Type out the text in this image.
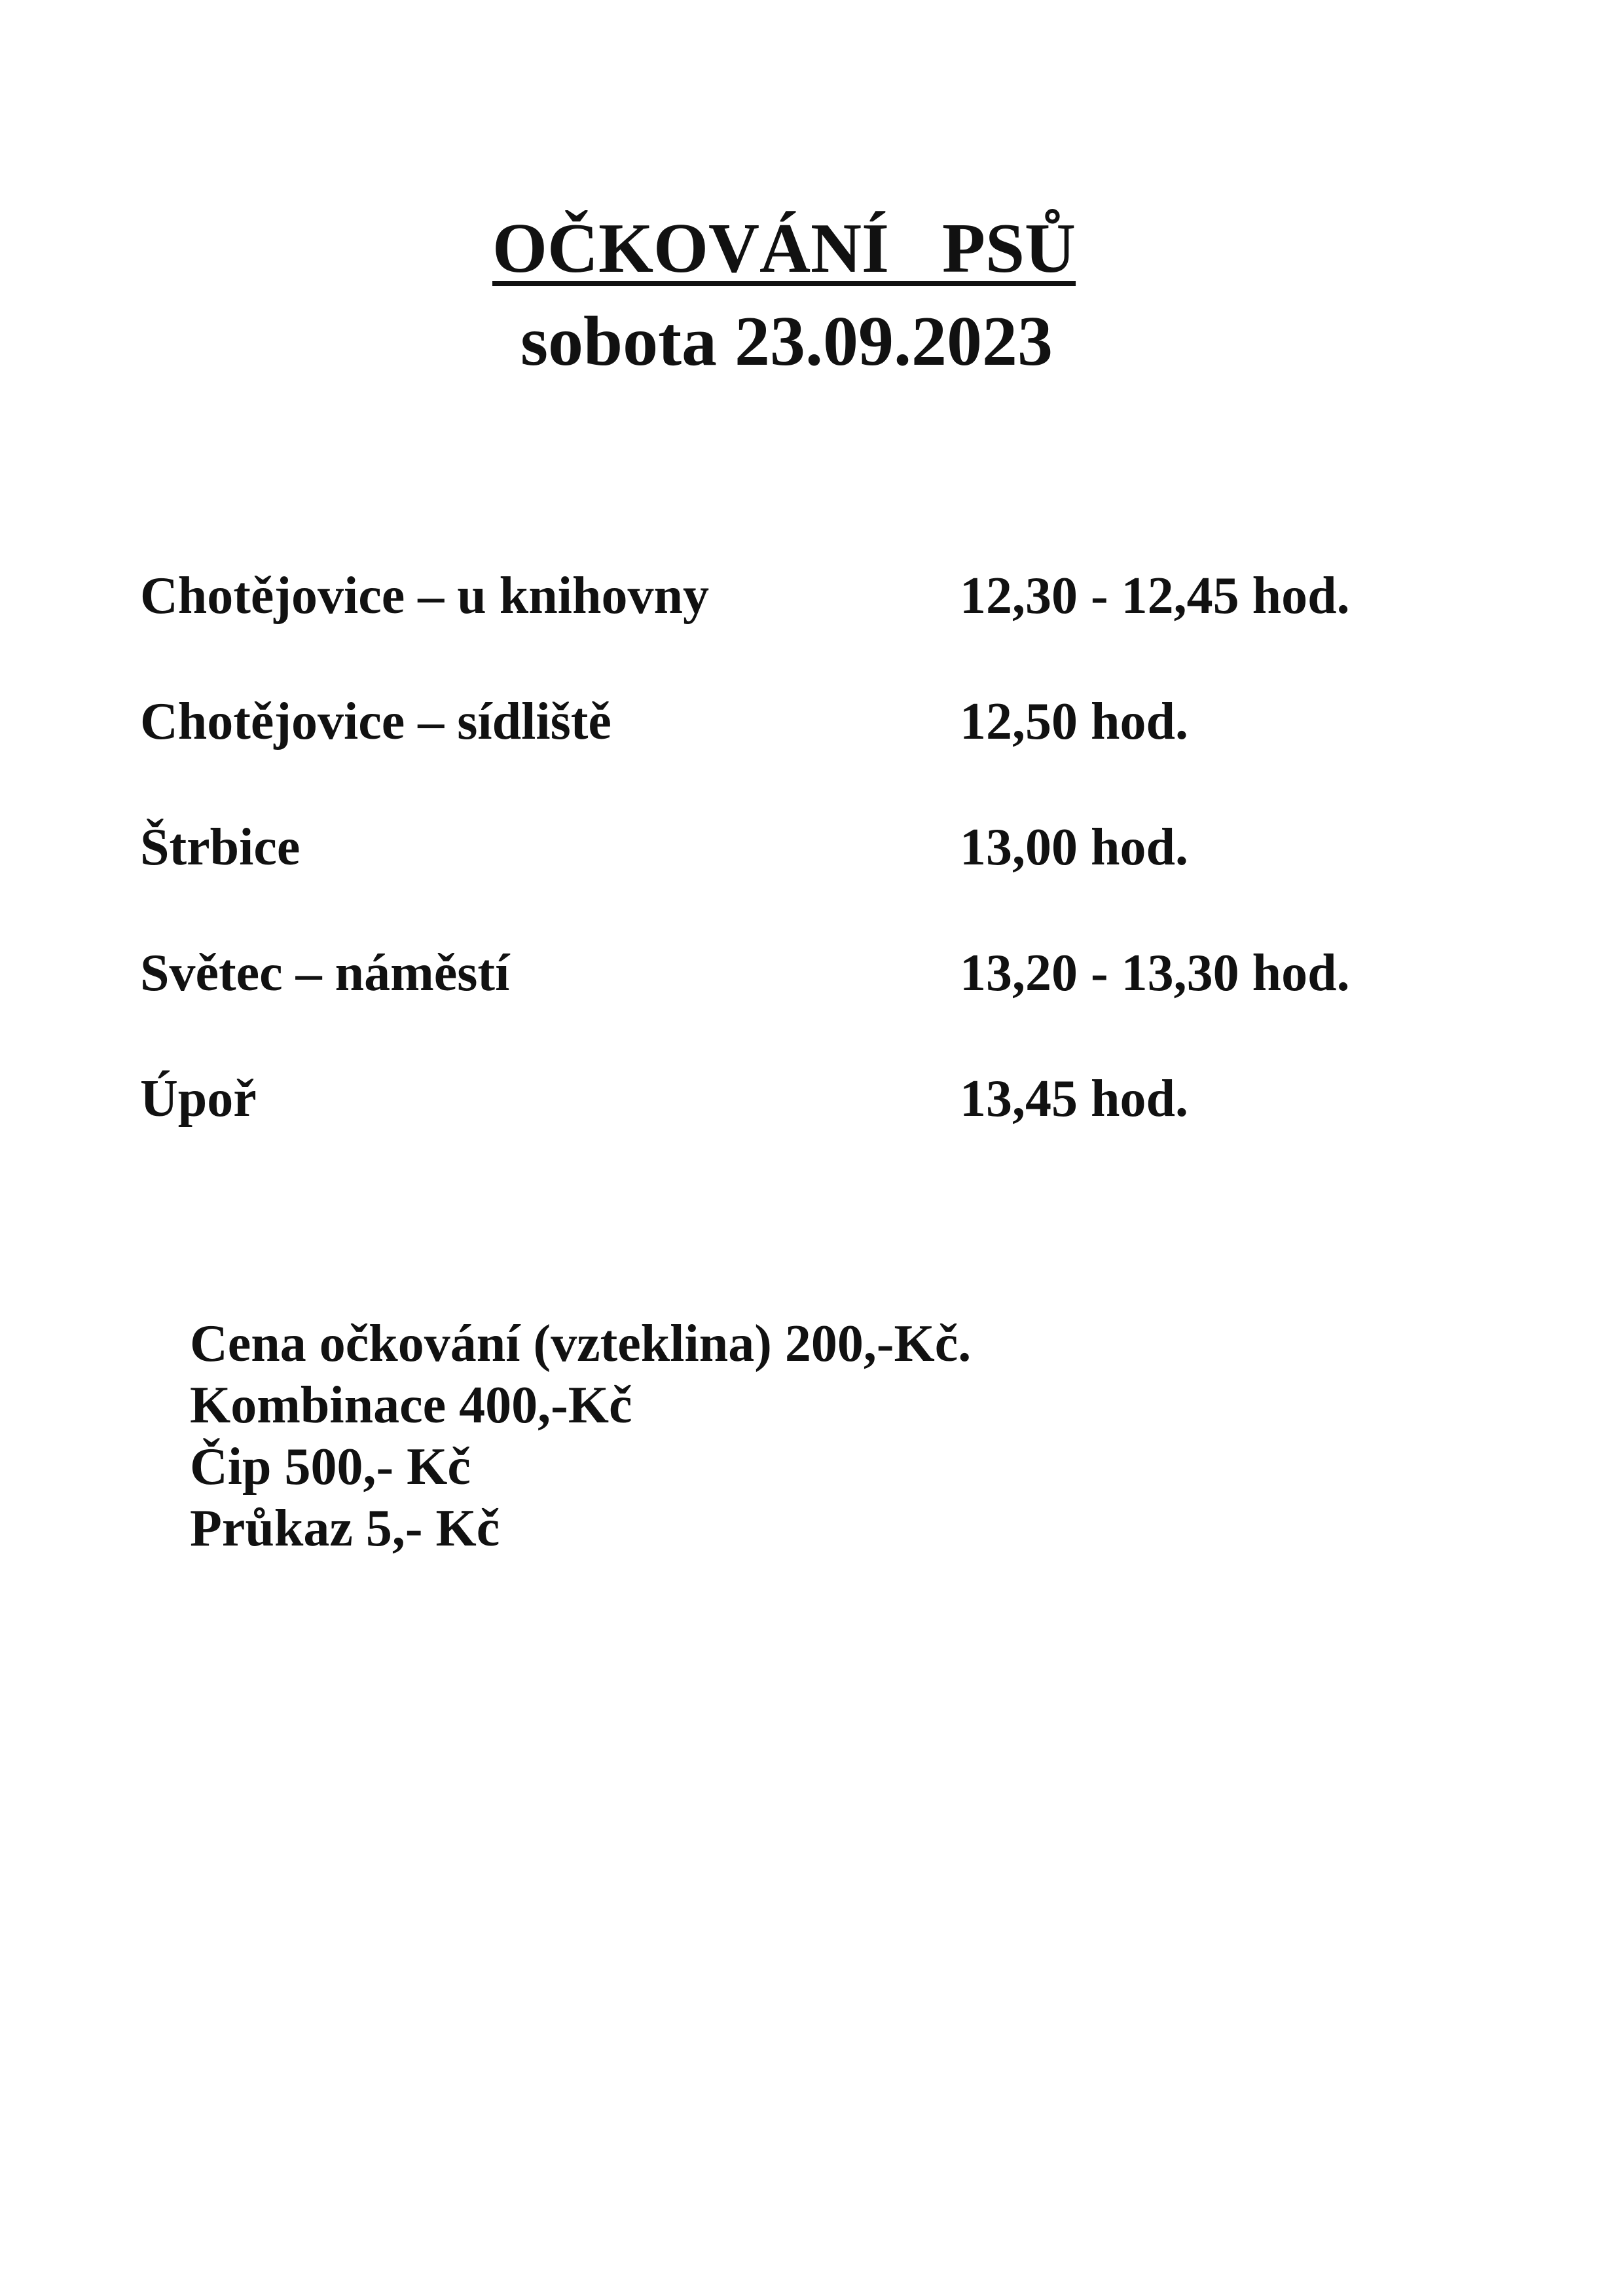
OČKOVÁNÍ   PSŮ
sobota 23.09.2023
Chotějovice – u knihovny	12,30 - 12,45 hod.
Chotějovice – sídliště	12,50 hod.
Štrbice	13,00 hod.
Světec – náměstí	13,20 - 13,30 hod.
Úpoř	13,45 hod.
Cena očkování (vzteklina) 200,-Kč.
Kombinace 400,-Kč
Čip 500,- Kč
Průkaz 5,- Kč
